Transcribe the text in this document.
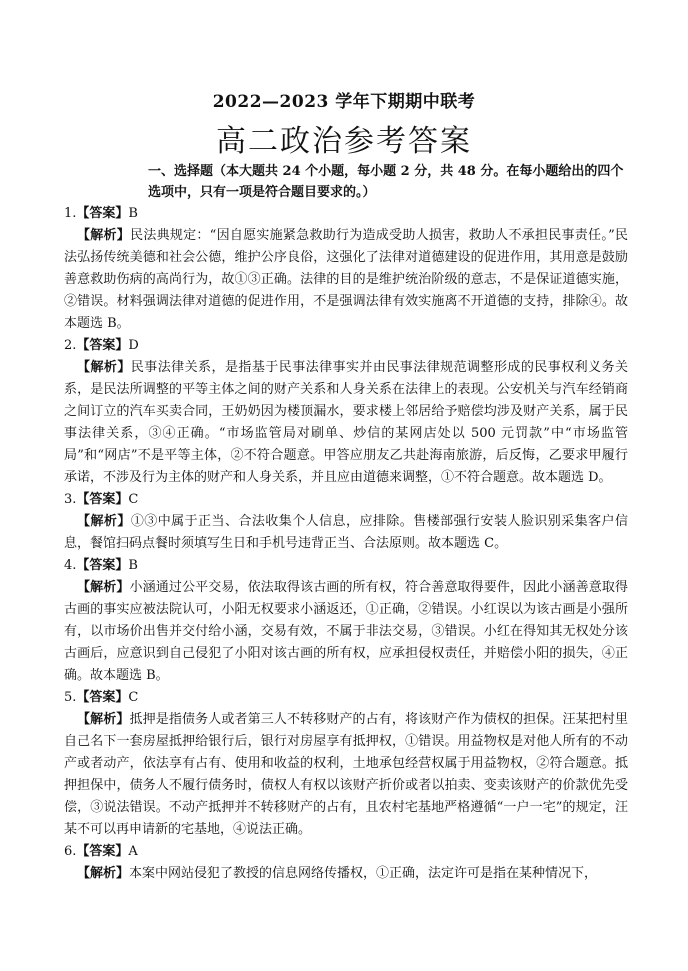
2022—2023 学年下期期中联考
高二政治参考答案
一、选择题（本大题共 24 个小题，每小题 2 分，共 48 分。在每小题给出的四个选项中，只有一项是符合题目要求的。）
1.【答案】B
【解析】民法典规定：“因自愿实施紧急救助行为造成受助人损害，救助人不承担民事责任。”民法弘扬传统美德和社会公德，维护公序良俗，这强化了法律对道德建设的促进作用，其用意是鼓励善意救助伤病的高尚行为，故①③正确。法律的目的是维护统治阶级的意志，不是保证道德实施，②错误。材料强调法律对道德的促进作用，不是强调法律有效实施离不开道德的支持，排除④。故本题选 B。
2.【答案】D
【解析】民事法律关系，是指基于民事法律事实并由民事法律规范调整形成的民事权利义务关系，是民法所调整的平等主体之间的财产关系和人身关系在法律上的表现。公安机关与汽车经销商之间订立的汽车买卖合同，王奶奶因为楼顶漏水，要求楼上邻居给予赔偿均涉及财产关系，属于民事法律关系，③④正确。“市场监管局对刷单、炒信的某网店处以 500 元罚款”中“市场监管局”和“网店”不是平等主体，②不符合题意。甲答应朋友乙共赴海南旅游，后反悔，乙要求甲履行承诺，不涉及行为主体的财产和人身关系，并且应由道德来调整，①不符合题意。故本题选 D。
3.【答案】C
【解析】①③中属于正当、合法收集个人信息，应排除。售楼部强行安装人脸识别采集客户信息，餐馆扫码点餐时须填写生日和手机号违背正当、合法原则。故本题选 C。
4.【答案】B
【解析】小涵通过公平交易，依法取得该古画的所有权，符合善意取得要件，因此小涵善意取得古画的事实应被法院认可，小阳无权要求小涵返还，①正确，②错误。小红误以为该古画是小强所有，以市场价出售并交付给小涵，交易有效，不属于非法交易，③错误。小红在得知其无权处分该古画后，应意识到自己侵犯了小阳对该古画的所有权，应承担侵权责任，并赔偿小阳的损失，④正确。故本题选 B。
5.【答案】C
【解析】抵押是指债务人或者第三人不转移财产的占有，将该财产作为债权的担保。汪某把村里自己名下一套房屋抵押给银行后，银行对房屋享有抵押权，①错误。用益物权是对他人所有的不动产或者动产，依法享有占有、使用和收益的权利，土地承包经营权属于用益物权，②符合题意。抵押担保中，债务人不履行债务时，债权人有权以该财产折价或者以拍卖、变卖该财产的价款优先受偿，③说法错误。不动产抵押并不转移财产的占有，且农村宅基地严格遵循“一户一宅”的规定，汪某不可以再申请新的宅基地，④说法正确。
6.【答案】A
【解析】本案中网站侵犯了教授的信息网络传播权，①正确，法定许可是指在某种情况下，
